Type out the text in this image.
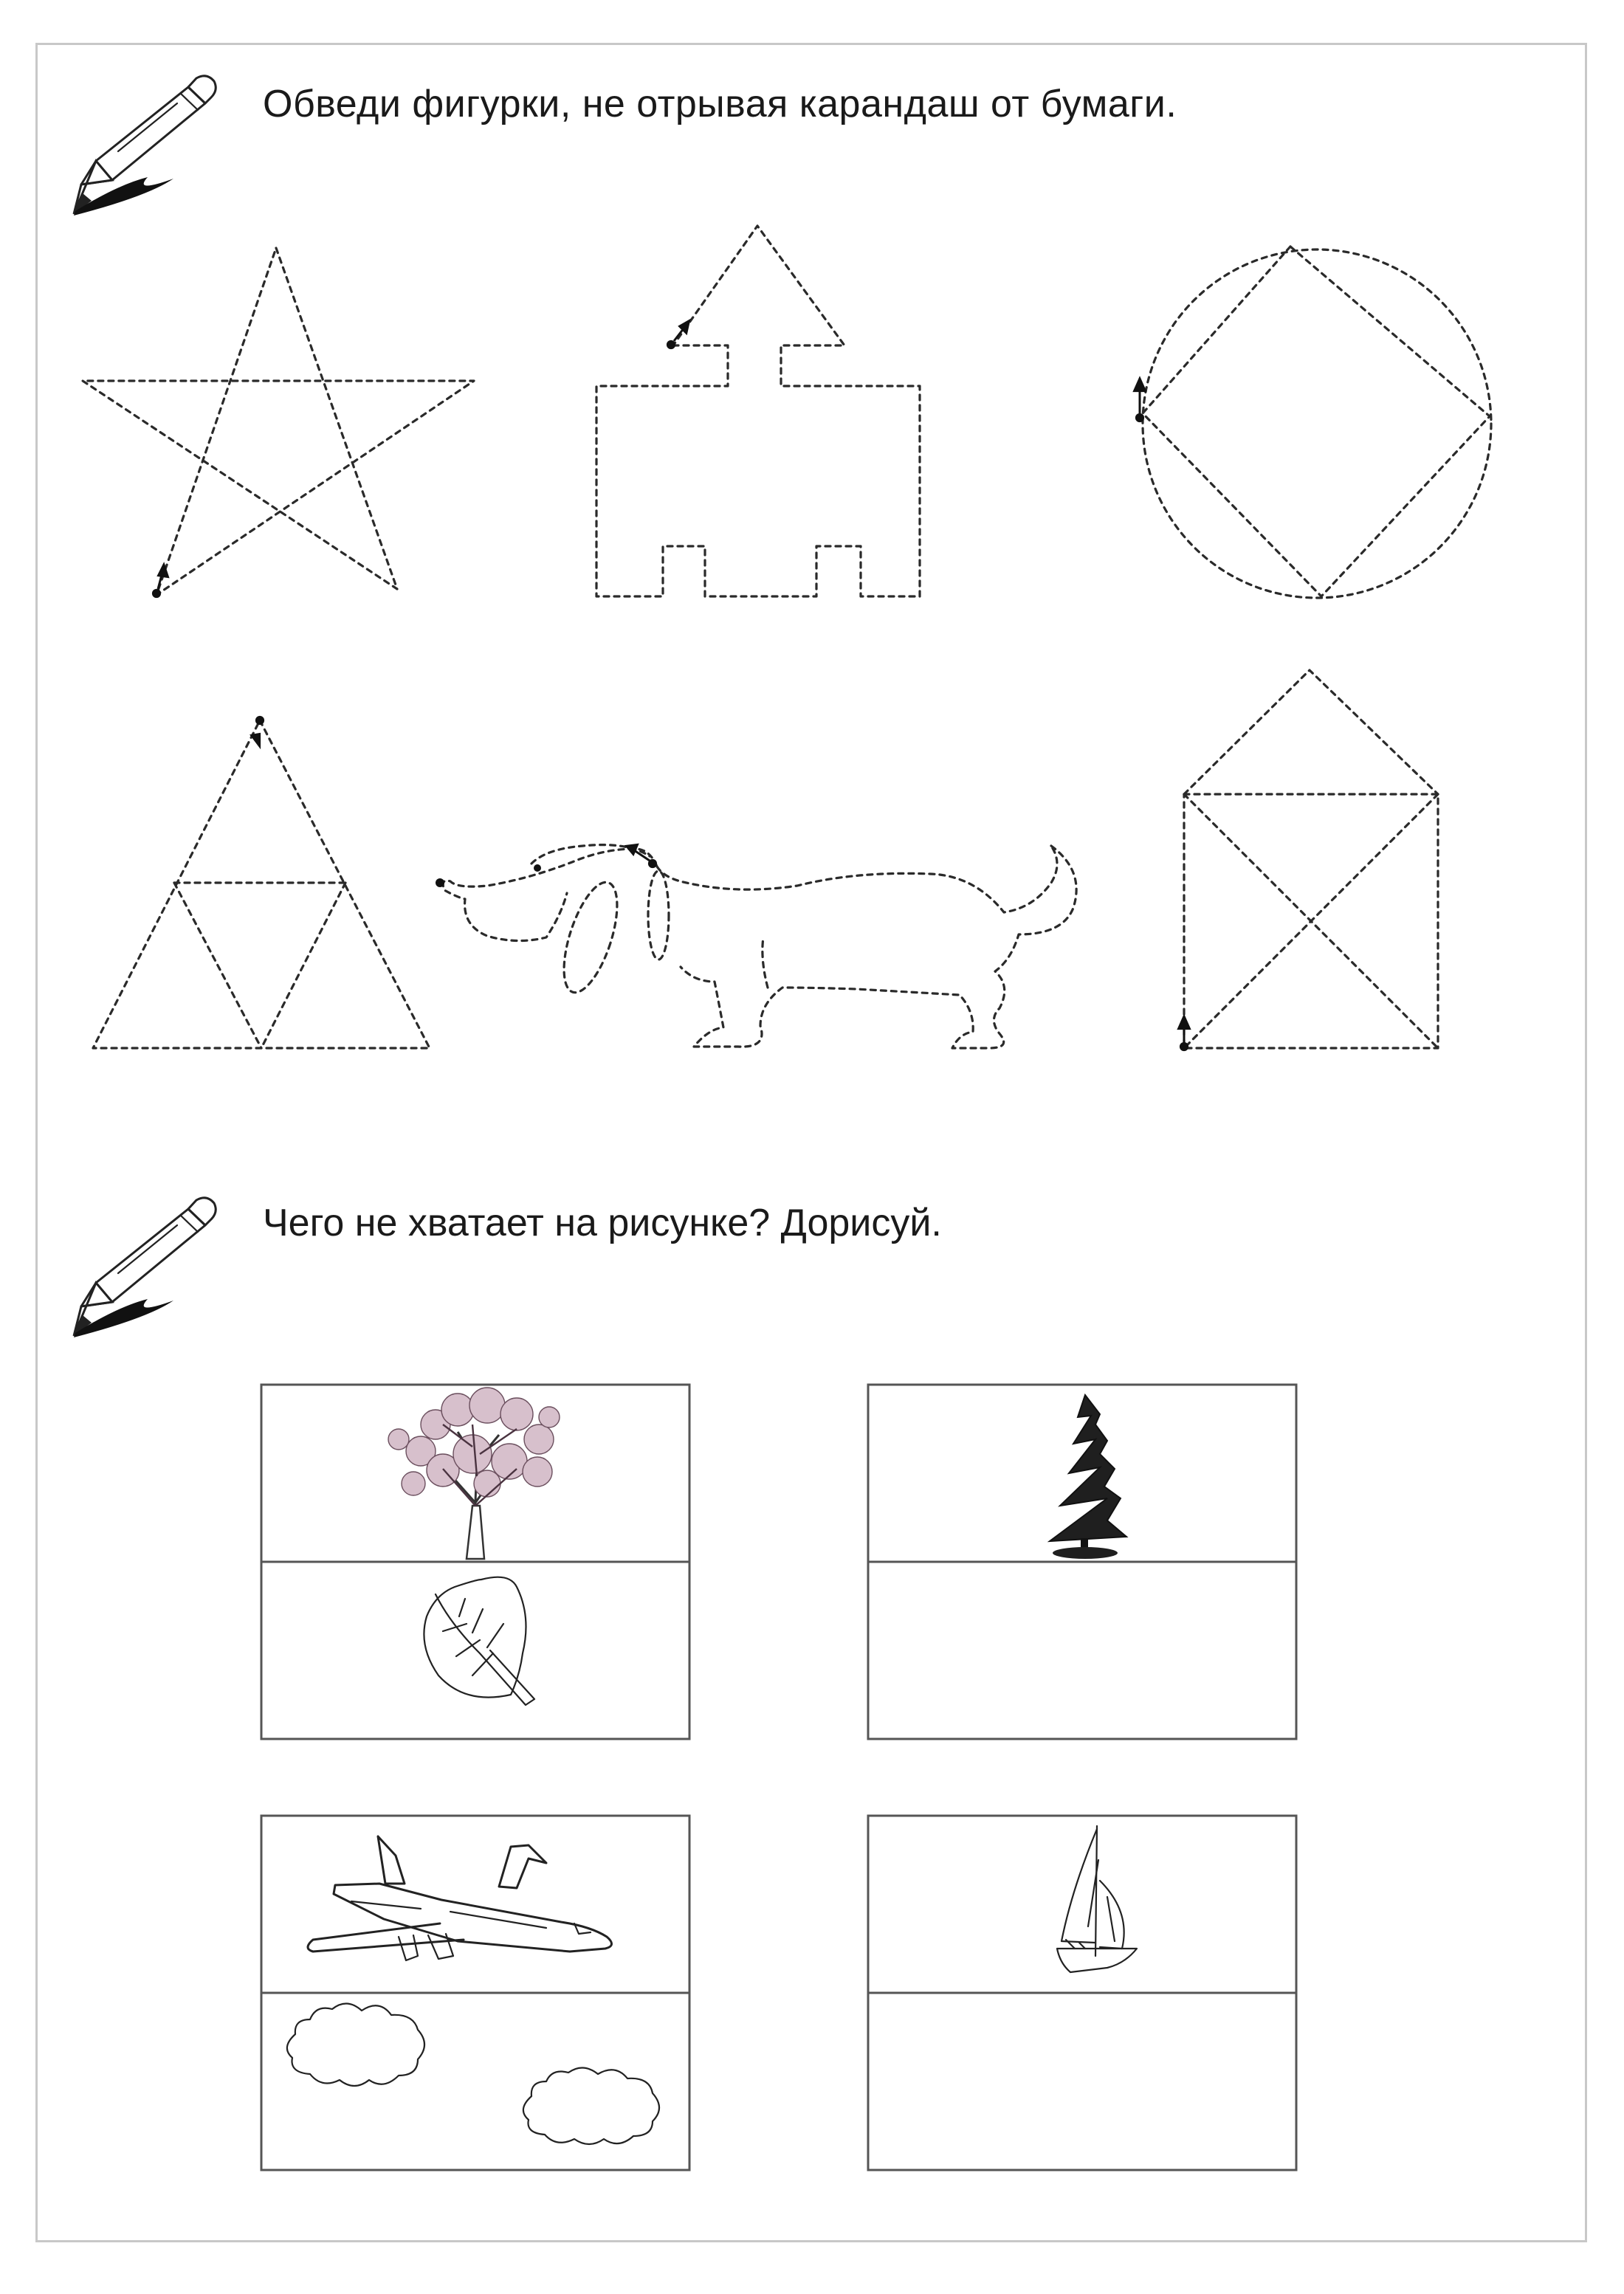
Обведи фигурки, не отрывая карандаш от бумаги.
Чего не хватает на рисунке? Дорисуй.
